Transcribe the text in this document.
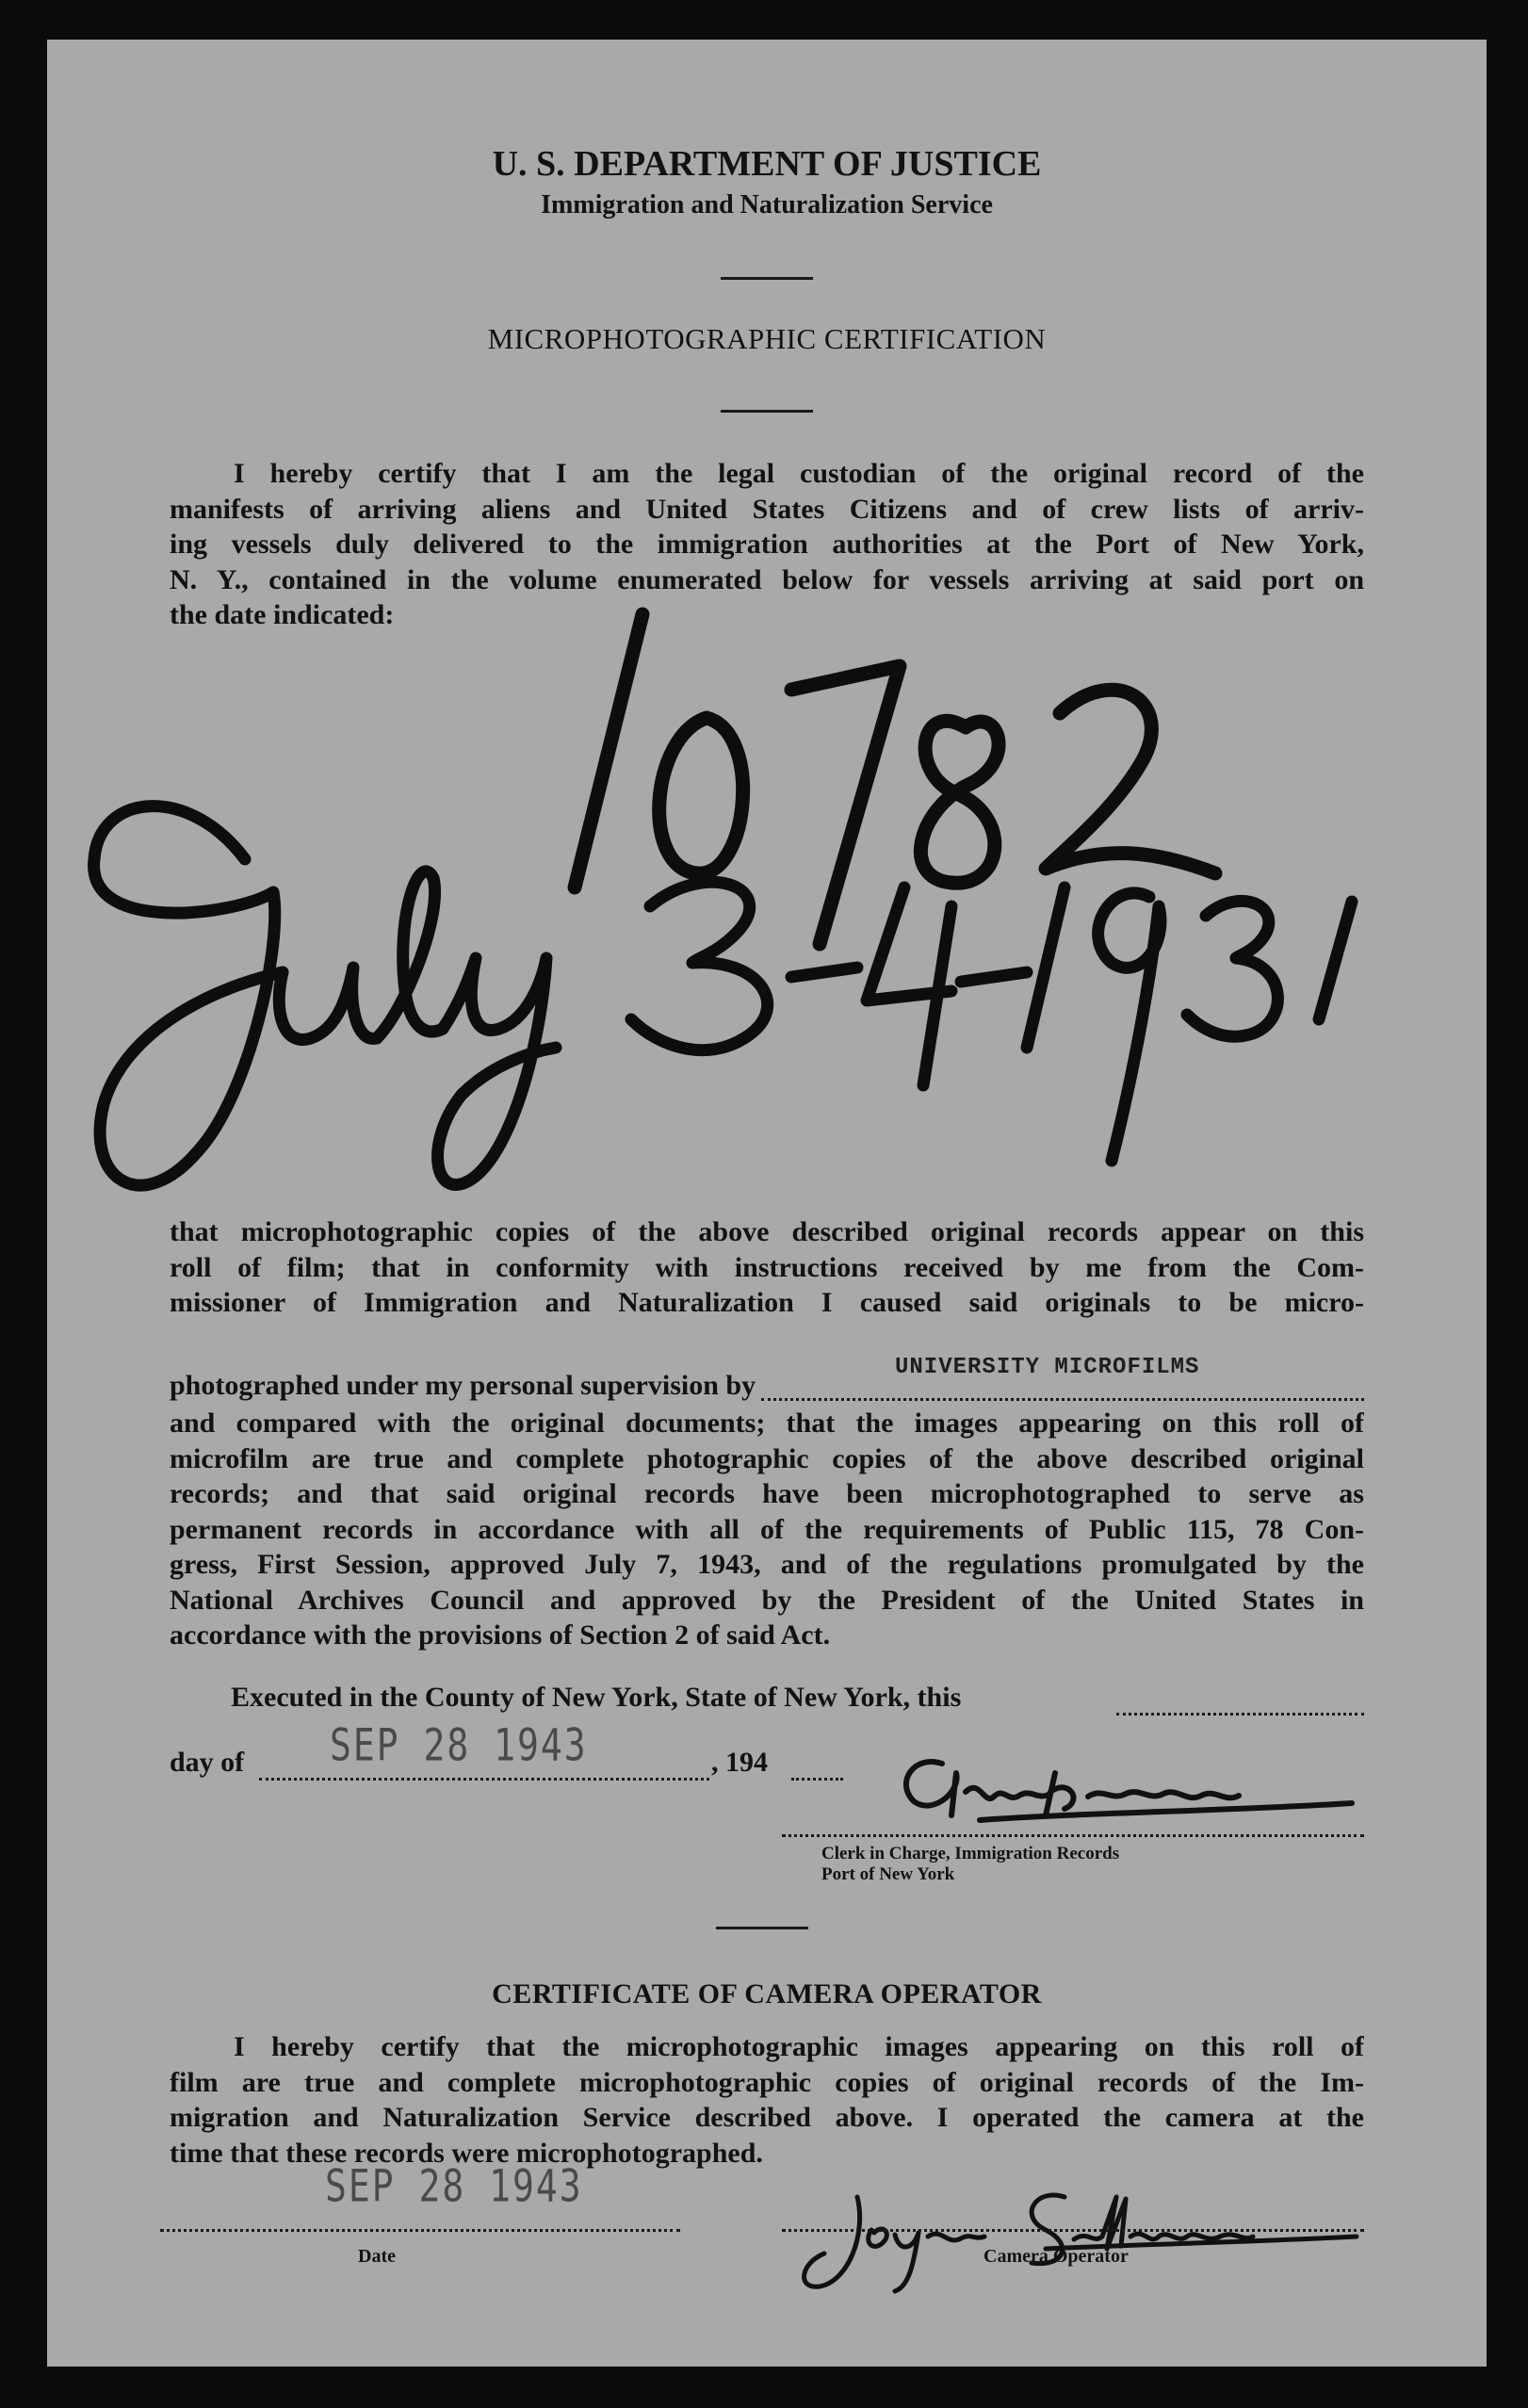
U. S. DEPARTMENT OF JUSTICE
Immigration and Naturalization Service
MICROPHOTOGRAPHIC CERTIFICATION
I hereby certify that I am the legal custodian of the original record of the
manifests of arriving aliens and United States Citizens and of crew lists of arriv-
ing vessels duly delivered to the immigration authorities at the Port of New York,
N. Y., contained in the volume enumerated below for vessels arriving at said port on
the date indicated:
that microphotographic copies of the above described original records appear on this
roll of film; that in conformity with instructions received by me from the Com-
missioner of Immigration and Naturalization I caused said originals to be micro-
photographed under my personal supervision by
UNIVERSITY MICROFILMS
and compared with the original documents; that the images appearing on this roll of
microfilm are true and complete photographic copies of the above described original
records; and that said original records have been microphotographed to serve as
permanent records in accordance with all of the requirements of Public 115, 78 Con-
gress, First Session, approved July 7, 1943, and of the regulations promulgated by the
National Archives Council and approved by the President of the United States in
accordance with the provisions of Section 2 of said Act.
Executed in the County of New York, State of New York, this
day of SEP 28 1943	, 194
Clerk in Charge, Immigration Records
Port of New York
CERTIFICATE OF CAMERA OPERATOR
I hereby certify that the microphotographic images appearing on this roll of
film are true and complete microphotographic copies of original records of the Im-
migration and Naturalization Service described above. I operated the camera at the
time that these records were microphotographed.
SEP 28 1943
Date	Camera Operator
